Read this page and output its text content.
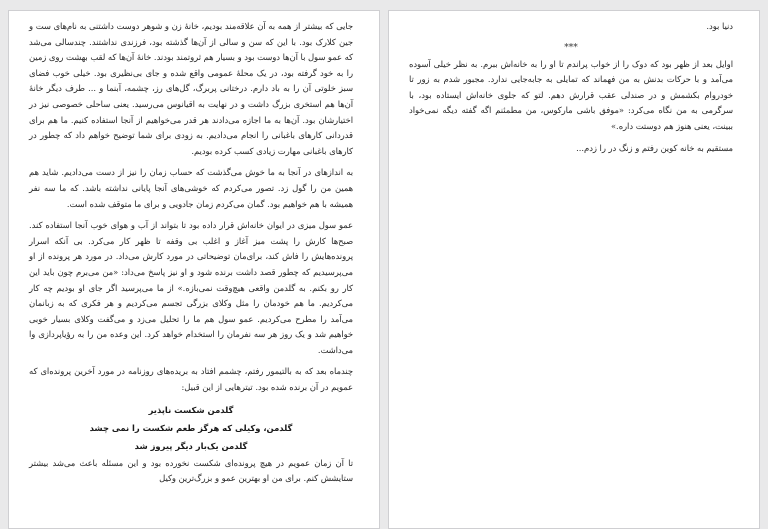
جایی که بیشتر از همه به آن علاقه‌مند بودیم، خانهٔ زن و شوهر دوست داشتنی به نام‌های ست و جین کلارک بود. با این که سن و سالی از آن‌ها گذشته بود، فرزندی نداشتند. چندسالی می‌شد که عمو سول با آن‌ها دوست بود و بسیار هم ثروتمند بودند. خانهٔ آن‌ها که لقب بهشت روی زمین را به خود گرفته بود، در یک محلهٔ عمومی واقع شده و جای بی‌نظیری بود. خیلی خوب فضای سبز خلوتی آن را به باد دارم. درختانی پربرگ، گل‌های رز، چشمه، آبنما و ... طرف دیگر خانهٔ آن‌ها هم استخری بزرگ داشت و در نهایت به اقیانوس می‌رسید. یعنی ساحلی خصوصی نیز در اختیارشان بود. آن‌ها به ما اجازه می‌دادند هر قدر می‌خواهیم از آنجا استفاده کنیم. ما هم برای قدردانی کارهای باغبانی را انجام می‌دادیم. به زودی برای شما توضیح خواهم داد که چطور در کارهای باغبانی مهارت زیادی کسب کرده بودیم.

به اندازهای در آنجا به ما خوش می‌گذشت که حساب زمان را نیز از دست می‌دادیم. شاید هم همین من را گول زد. تصور می‌کردم که خوشی‌های آنجا پایانی نداشته باشد. که ما سه نفر همیشه با هم خواهیم بود. گمان می‌کردم زمان جادویی و برای ما متوقف شده است.

عمو سول میزی در ایوان خانه‌اش قرار داده بود تا بتواند از آب و هوای خوب آنجا استفاده کند. صبح‌ها کارش را پشت میز آغاز و اغلب بی وقفه تا ظهر کار می‌کرد. بی آنکه اسرار پرونده‌هایش را فاش کند، برای‌مان توضیحاتی در مورد کارش می‌داد. در مورد هر پرونده از او می‌پرسیدیم که چطور قصد داشت برنده شود و او نیز پاسخ می‌داد: «من می‌برم چون باید این کار رو بکنم. به گلدمن واقعی هیچ‌وقت نمی‌بازه.» از ما می‌پرسید اگر جای او بودیم چه کار می‌کردیم. ما هم خودمان را مثل وکلای بزرگی تجسم می‌کردیم و هر فکری که به زبانمان می‌آمد را مطرح می‌کردیم. عمو سول هم ما را تحلیل می‌زد و می‌گفت وکلای بسیار خوبی خواهیم شد و یک روز هر سه نفرمان را استخدام خواهد کرد. این وعده من را به رؤیاپردازی وا می‌داشت.

چندماه بعد که به بالتیمور رفتم، چشمم افتاد به بریده‌های روزنامه در مورد آخرین پرونده‌ای که عمویم در آن برنده شده بود. تیترهایی از این قبیل:

گلدمن شکست ناپذیر

گلدمن، وکیلی که هرگز طعم شکست را نمی چشد

گلدمن یک‌بار دیگر پیروز شد

تا آن زمان عمویم در هیچ پرونده‌ای شکست نخورده بود و این مسئله باعث می‌شد بیشتر ستایشش کنم. برای من او بهترین عمو و بزرگ‌ترین وکیل

دنیا بود.

***

اوایل بعد از ظهر بود که دوک را از خواب پراندم تا او را به خانه‌اش ببرم. به نظر خیلی آسوده می‌آمد و با حرکات بدنش به من فهماند که تمایلی به جابه‌جایی ندارد. مجبور شدم به زور تا خودروام بکشمش و در صندلی عقب قرارش دهم. لتو که جلوی خانه‌اش ایستاده بود، با سرگرمی به من نگاه می‌کرد: «موفق باشی مارکوس، من مطمئنم اگه گفته دیگه نمی‌خواد ببینت، یعنی هنوز هم دوستت داره.»

مستقیم به خانه کوین رفتم و زنگ در را زدم...
